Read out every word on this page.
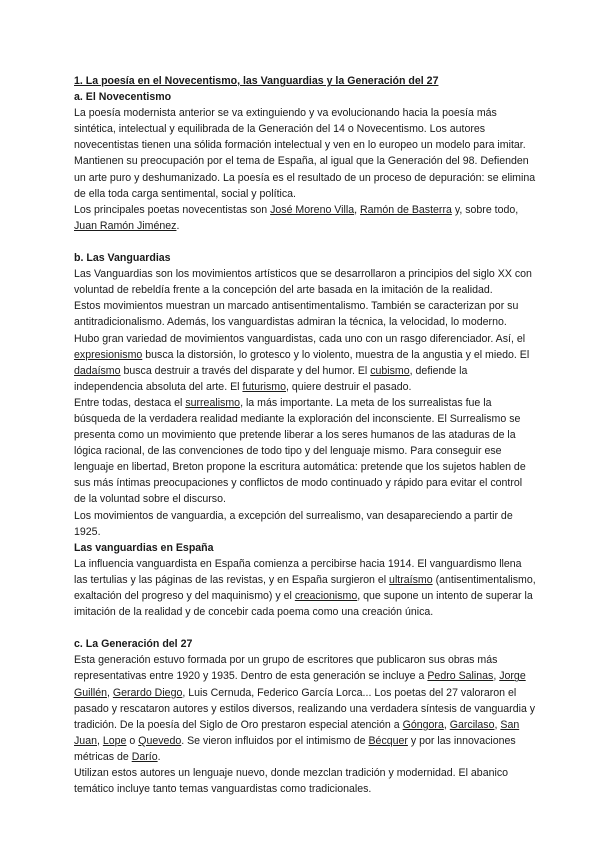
1. La poesía en el Novecentismo, las Vanguardias y la Generación del 27

a. El Novecentismo

La poesía modernista anterior se va extinguiendo y va evolucionando hacia la poesía más sintética, intelectual y equilibrada de la Generación del 14 o Novecentismo. Los autores novecentistas tienen una sólida formación intelectual y ven en lo europeo un modelo para imitar. Mantienen su preocupación por el tema de España, al igual que la Generación del 98. Defienden un arte puro y deshumanizado. La poesía es el resultado de un proceso de depuración: se elimina de ella toda carga sentimental, social y política.

Los principales poetas novecentistas son José Moreno Villa, Ramón de Basterra y, sobre todo, Juan Ramón Jiménez.

b. Las Vanguardias

Las Vanguardias son los movimientos artísticos que se desarrollaron a principios del siglo XX con voluntad de rebeldía frente a la concepción del arte basada en la imitación de la realidad.

Estos movimientos muestran un marcado antisentimentalismo. También se caracterizan por su antitradicionalismo. Además, los vanguardistas admiran la técnica, la velocidad, lo moderno.

Hubo gran variedad de movimientos vanguardistas, cada uno con un rasgo diferenciador. Así, el expresionismo busca la distorsión, lo grotesco y lo violento, muestra de la angustia y el miedo. El dadaísmo busca destruir a través del disparate y del humor. El cubismo, defiende la independencia absoluta del arte. El futurismo, quiere destruir el pasado.

Entre todas, destaca el surrealismo, la más importante. La meta de los surrealistas fue la búsqueda de la verdadera realidad mediante la exploración del inconsciente. El Surrealismo se presenta como un movimiento que pretende liberar a los seres humanos de las ataduras de la lógica racional, de las convenciones de todo tipo y del lenguaje mismo. Para conseguir ese lenguaje en libertad, Breton propone la escritura automática: pretende que los sujetos hablen de sus más íntimas preocupaciones y conflictos de modo continuado y rápido para evitar el control de la voluntad sobre el discurso.

Los movimientos de vanguardia, a excepción del surrealismo, van desapareciendo a partir de 1925.

Las vanguardias en España

La influencia vanguardista en España comienza a percibirse hacia 1914. El vanguardismo llena las tertulias y las páginas de las revistas, y en España surgieron el ultraísmo (antisentimentalismo, exaltación del progreso y del maquinismo) y el creacionismo, que supone un intento de superar la imitación de la realidad y de concebir cada poema como una creación única.

c. La Generación del 27

Esta generación estuvo formada por un grupo de escritores que publicaron sus obras más representativas entre 1920 y 1935. Dentro de esta generación se incluye a Pedro Salinas, Jorge Guillén, Gerardo Diego, Luis Cernuda, Federico García Lorca... Los poetas del 27 valoraron el pasado y rescataron autores y estilos diversos, realizando una verdadera síntesis de vanguardia y tradición. De la poesía del Siglo de Oro prestaron especial atención a Góngora, Garcilaso, San Juan, Lope o Quevedo. Se vieron influidos por el intimismo de Bécquer y por las innovaciones métricas de Darío.

Utilizan estos autores un lenguaje nuevo, donde mezclan tradición y modernidad. El abanico temático incluye tanto temas vanguardistas como tradicionales.
